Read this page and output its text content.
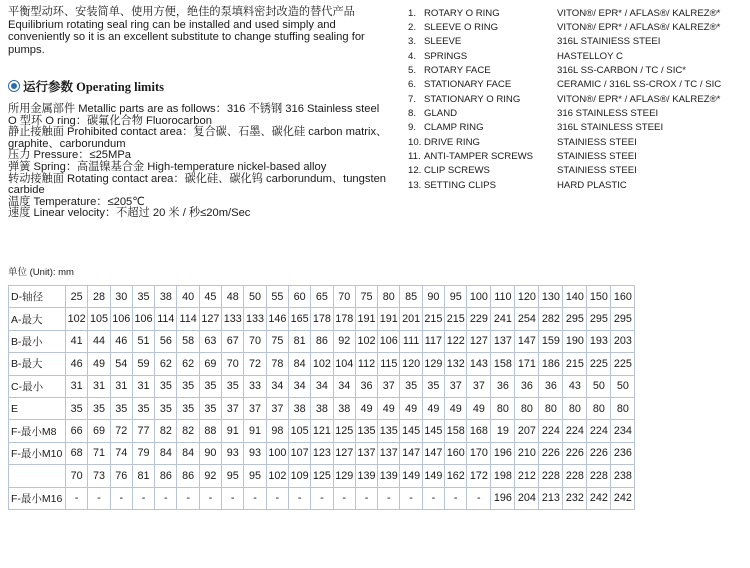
平衡型动环、安装简单、使用方便，绝佳的泵填料密封改造的替代产品
Equilibrium rotating seal ring can be installed and used simply and conveniently so it is an excellent substitute to change stuffing sealing for pumps.
运行参数 Operating limits
所用金属部件 Metallic parts are as follows：316 不锈钢 316 Stainless steel
O 型环 O ring：碳氟化合物 Fluorocarbon
静止接触面 Prohibited contact area：复合碳、石墨、碳化硅 carbon matrix、graphite、carborundum
压力 Pressure：≤25MPa
弹簧 Spring：高温镍基合金 High-temperature nickel-based alloy
转动接触面 Rotating contact area：碳化硅、碳化钨 carborundum、tungsten carbide
温度 Temperature：≤205℃
速度 Linear velocity：不超过 20 米 / 秒≤20m/Sec
1. ROTARY O RING	VITON®/ EPR* / AFLAS®/ KALREZ®*
2. SLEEVE O RING	VITON®/ EPR* / AFLAS®/ KALREZ®*
3. SLEEVE	316L STAINIESS STEEI
4. SPRINGS	HASTELLOY C
5. ROTARY FACE	316L SS-CARBON / TC / SIC*
6. STATIONARY FACE	CERAMIC / 316L SS-CROX / TC / SIC
7. STATIONARY O RING	VITON®/ EPR* / AFLAS®/ KALREZ®*
8. GLAND	316 STAINLESS STEEI
9. CLAMP RING	316L STAINLESS STEEI
10. DRIVE RING	STAINIESS STEEI
11. ANTI-TAMPER SCREWS	STAINIESS STEEI
12. CLIP SCREWS	STAINIESS STEEI
13. SETTING CLIPS	HARD PLASTIC
单位 (Unit): mm
D-轴径	25	28	30	35	38	40	45	48	50	55	60	65	70	75	80	85	90	95	100	110	120	130	140	150	160
A-最大	102	105	106	106	114	114	127	133	133	146	165	178	178	191	191	201	215	215	229	241	254	282	295	295	295
B-最小	41	44	46	51	56	58	63	67	70	75	81	86	92	102	106	111	117	122	127	137	147	159	190	193	203
B-最大	46	49	54	59	62	62	69	70	72	78	84	102	104	112	115	120	129	132	143	158	171	186	215	225	225
C-最小	31	31	31	31	35	35	35	35	33	34	34	34	34	36	37	35	35	37	37	36	36	36	43	50	50
E	35	35	35	35	35	35	35	37	37	37	38	38	38	49	49	49	49	49	49	80	80	80	80	80	80
F-最小M8	66	69	72	77	82	82	88	91	91	98	105	121	125	135	135	145	145	158	168	19	207	224	224	224	234
F-最小M10	68	71	74	79	84	84	90	93	93	100	107	123	127	137	137	147	147	160	170	196	210	226	226	226	236
	70	73	76	81	86	86	92	95	95	102	109	125	129	139	139	149	149	162	172	198	212	228	228	228	238
F-最小M16	-	-	-	-	-	-	-	-	-	-	-	-	-	-	-	-	-	-	-	196	204	213	232	242	242
